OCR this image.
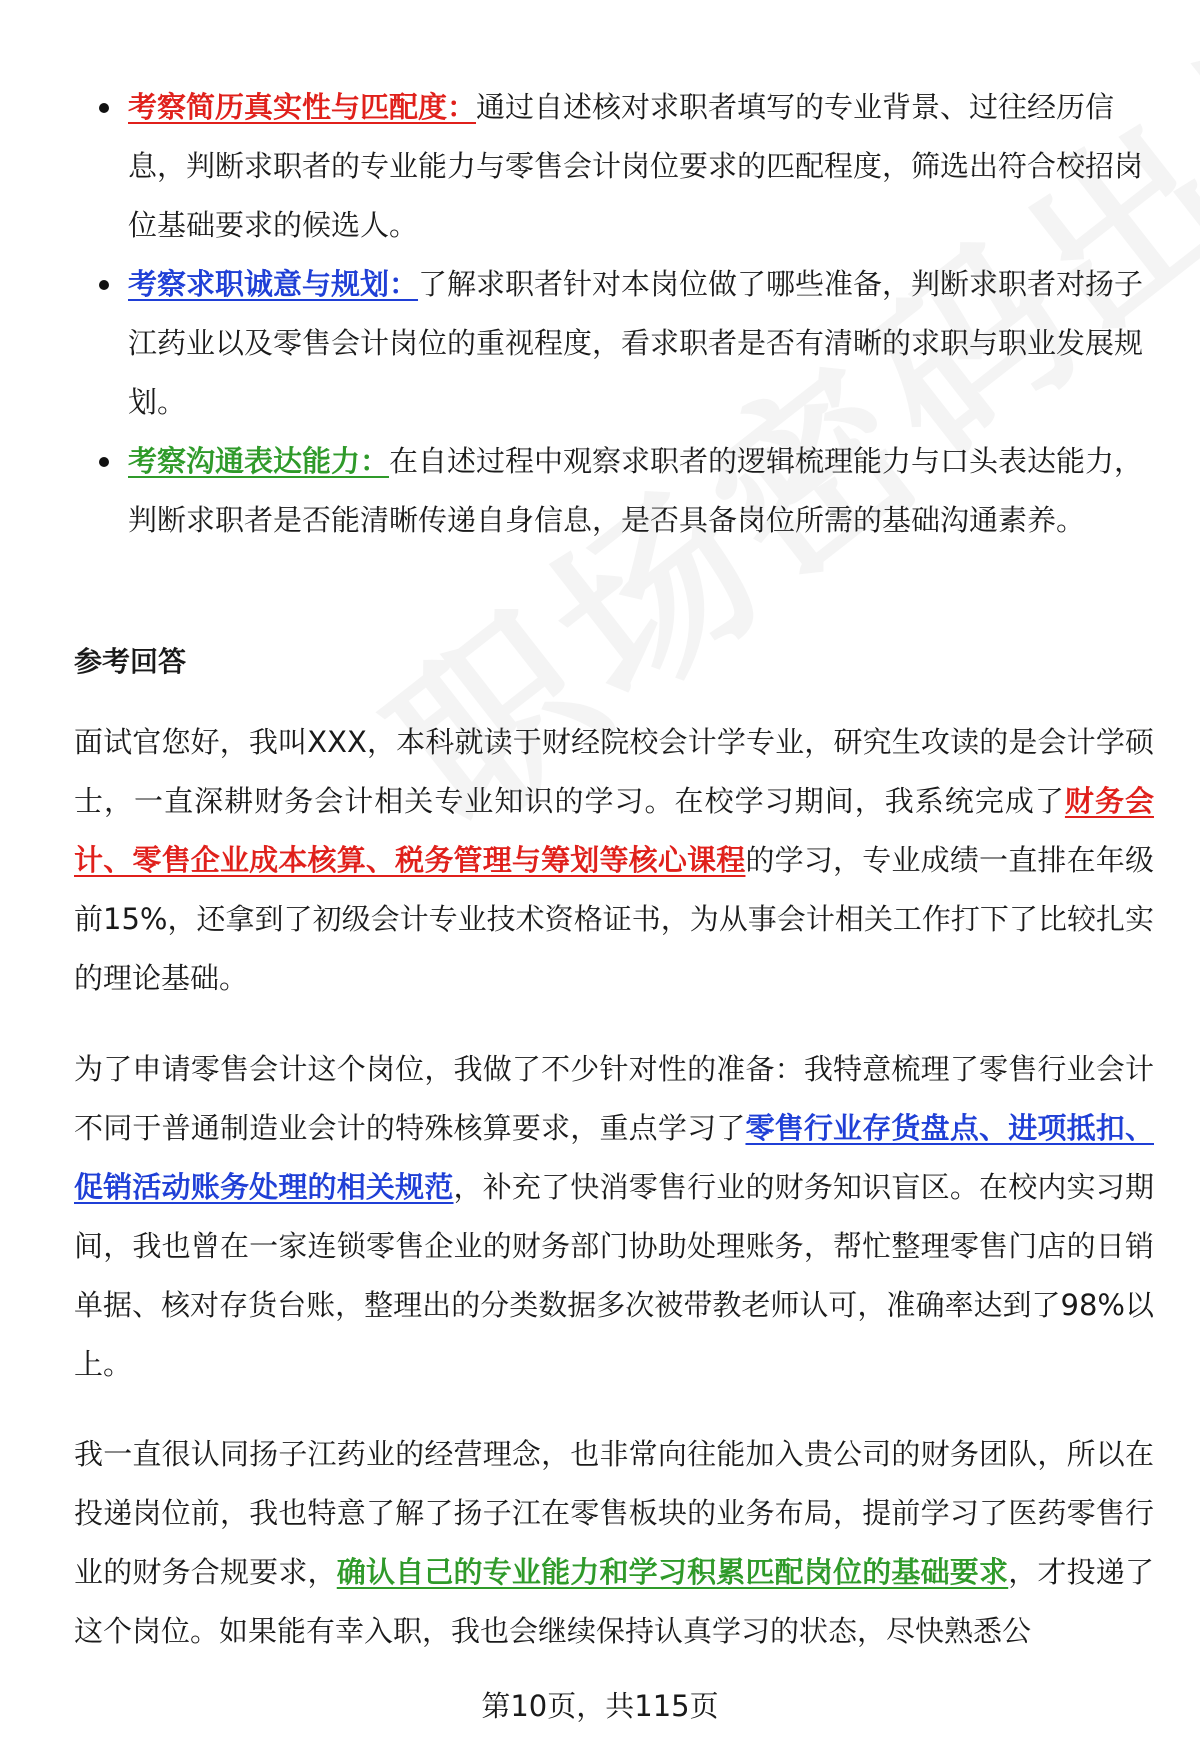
考察简历真实性与匹配度：通过自述核对求职者填写的专业背景、过往经历信息，判断求职者的专业能力与零售会计岗位要求的匹配程度，筛选出符合校招岗位基础要求的候选人。
考察求职诚意与规划：了解求职者针对本岗位做了哪些准备，判断求职者对扬子江药业以及零售会计岗位的重视程度，看求职者是否有清晰的求职与职业发展规划。
考察沟通表达能力：在自述过程中观察求职者的逻辑梳理能力与口头表达能力，判断求职者是否能清晰传递自身信息，是否具备岗位所需的基础沟通素养。
参考回答

面试官您好，我叫XXX，本科就读于财经院校会计学专业，研究生攻读的是会计学硕士，一直深耕财务会计相关专业知识的学习。在校学习期间，我系统完成了财务会计、零售企业成本核算、税务管理与筹划等核心课程的学习，专业成绩一直排在年级前15%，还拿到了初级会计专业技术资格证书，为从事会计相关工作打下了比较扎实的理论基础。

为了申请零售会计这个岗位，我做了不少针对性的准备：我特意梳理了零售行业会计不同于普通制造业会计的特殊核算要求，重点学习了零售行业存货盘点、进项抵扣、促销活动账务处理的相关规范，补充了快消零售行业的财务知识盲区。在校内实习期间，我也曾在一家连锁零售企业的财务部门协助处理账务，帮忙整理零售门店的日销单据、核对存货台账，整理出的分类数据多次被带教老师认可，准确率达到了98%以上。

我一直很认同扬子江药业的经营理念，也非常向往能加入贵公司的财务团队，所以在投递岗位前，我也特意了解了扬子江在零售板块的业务布局，提前学习了医药零售行业的财务合规要求，确认自己的专业能力和学习积累匹配岗位的基础要求，才投递了这个岗位。如果能有幸入职，我也会继续保持认真学习的状态，尽快熟悉公

第10页，共115页
